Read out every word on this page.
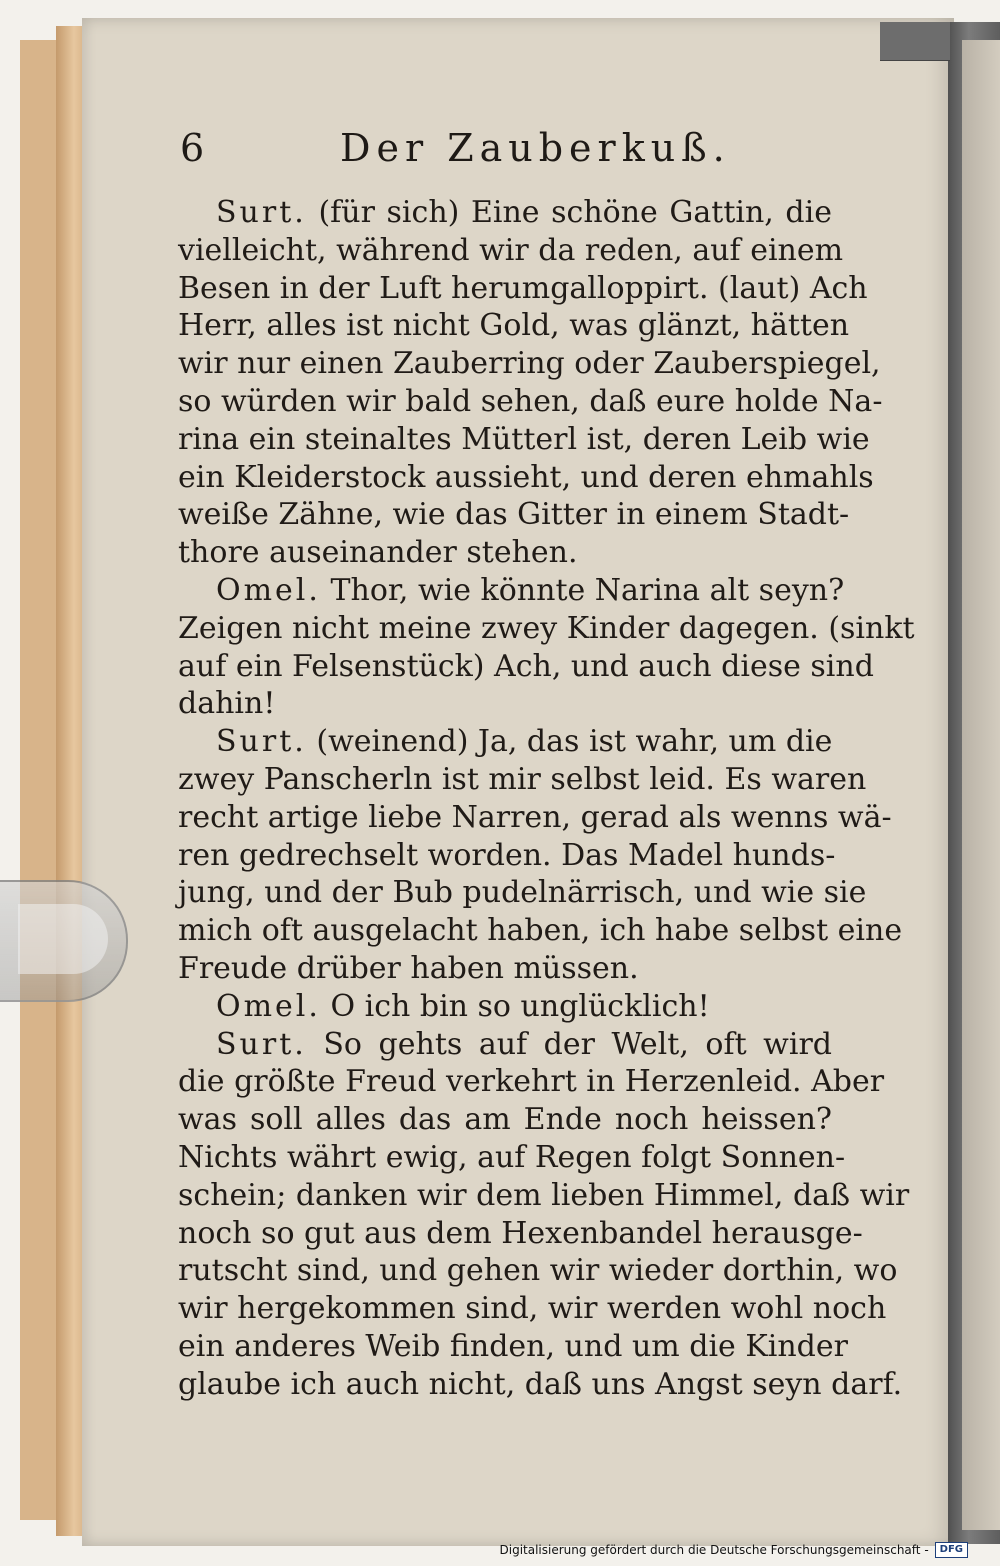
6	Der Zauberkuß.
Surt. (für sich) Eine schöne Gattin, die
vielleicht, während wir da reden, auf einem
Besen in der Luft herumgalloppirt. (laut) Ach
Herr, alles ist nicht Gold, was glänzt, hätten
wir nur einen Zauberring oder Zauberspiegel,
so würden wir bald sehen, daß eure holde Na-
rina ein steinaltes Mütterl ist, deren Leib wie
ein Kleiderstock aussieht, und deren ehmahls
weiße Zähne, wie das Gitter in einem Stadt-
thore auseinander stehen.
Omel. Thor, wie könnte Narina alt seyn?
Zeigen nicht meine zwey Kinder dagegen. (sinkt
auf ein Felsenstück) Ach, und auch diese sind
dahin!
Surt. (weinend) Ja, das ist wahr, um die
zwey Panscherln ist mir selbst leid. Es waren
recht artige liebe Narren, gerad als wenns wä-
ren gedrechselt worden. Das Madel hunds-
jung, und der Bub pudelnärrisch, und wie sie
mich oft ausgelacht haben, ich habe selbst eine
Freude drüber haben müssen.
Omel. O ich bin so unglücklich!
Surt. So gehts auf der Welt, oft wird
die größte Freud verkehrt in Herzenleid. Aber
was soll alles das am Ende noch heissen?
Nichts währt ewig, auf Regen folgt Sonnen-
schein; danken wir dem lieben Himmel, daß wir
noch so gut aus dem Hexenbandel herausge-
rutscht sind, und gehen wir wieder dorthin, wo
wir hergekommen sind, wir werden wohl noch
ein anderes Weib finden, und um die Kinder
glaube ich auch nicht, daß uns Angst seyn darf.
Digitalisierung gefördert durch die Deutsche Forschungsgemeinschaft -	DFG
